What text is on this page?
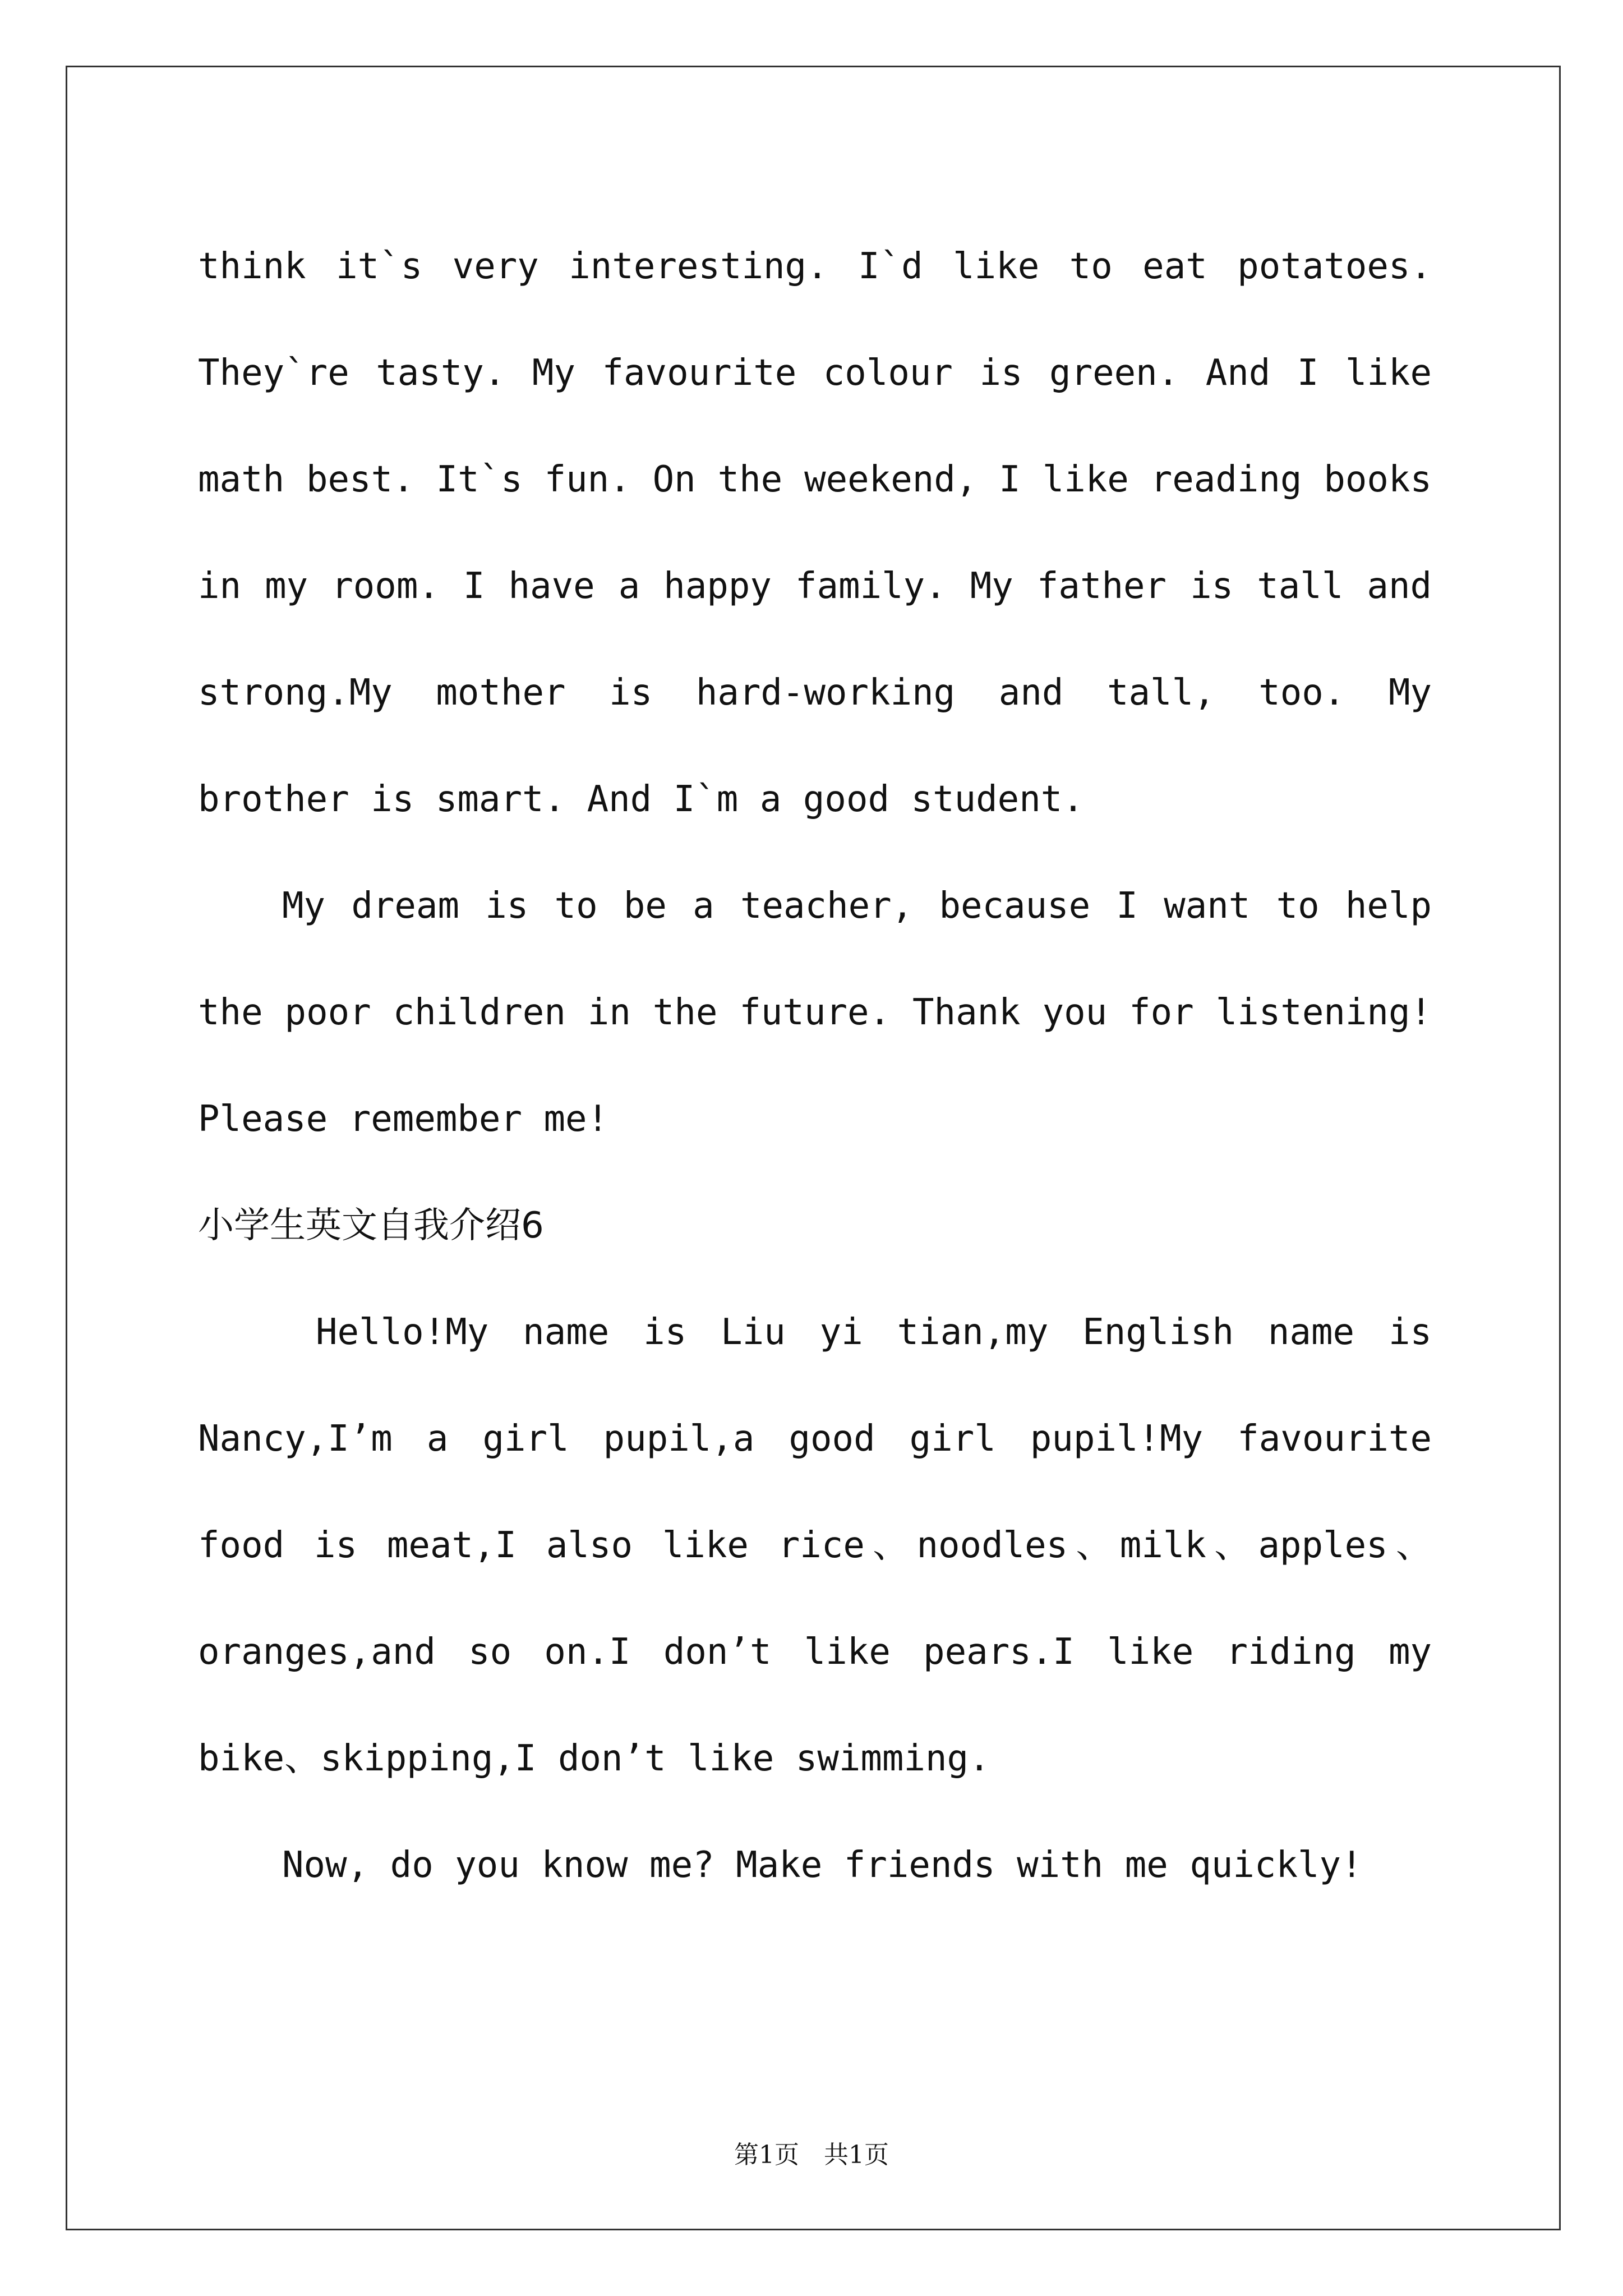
think it`s very interesting. I`d like to eat potatoes. They`re tasty. My favourite colour is green. And I like math best. It`s fun. On the weekend, I like reading books in my room. I have a happy family. My father is tall and strong.My mother is hard-working and tall, too. My brother is smart. And I`m a good student.

My dream is to be a teacher, because I want to help the poor children in the future. Thank you for listening! Please remember me!

小学生英文自我介绍6

Hello!My name is Liu yi tian,my English name is Nancy,I’m a girl pupil,a good girl pupil!My favourite food is meat,I also like rice、noodles、milk、apples、oranges,and so on.I don’t like pears.I like riding my bike、skipping,I don’t like swimming.

Now, do you know me? Make friends with me quickly!

第1页　共1页
